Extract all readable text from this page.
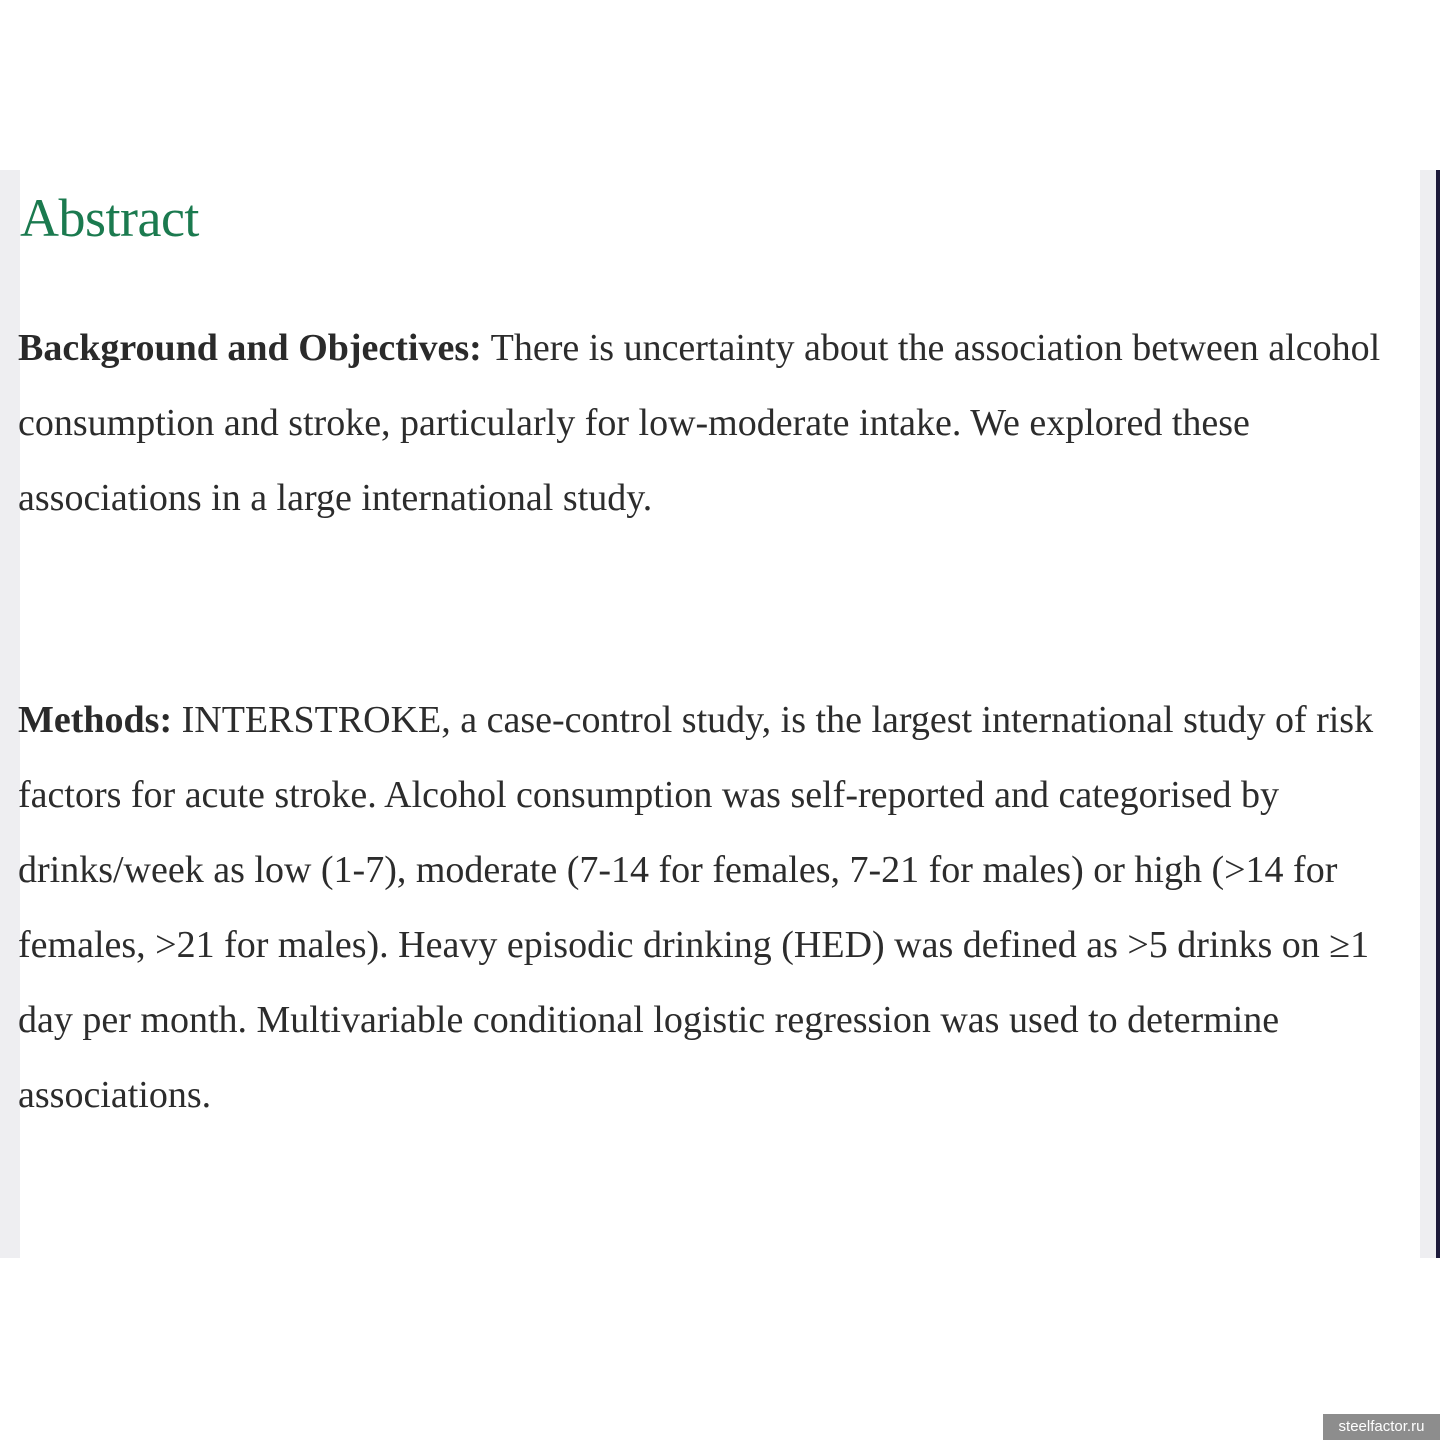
Abstract

Background and Objectives: There is uncertainty about the association between alcohol consumption and stroke, particularly for low-moderate intake. We explored these associations in a large international study.

Methods: INTERSTROKE, a case-control study, is the largest international study of risk factors for acute stroke. Alcohol consumption was self-reported and categorised by drinks/week as low (1-7), moderate (7-14 for females, 7-21 for males) or high (>14 for females, >21 for males). Heavy episodic drinking (HED) was defined as >5 drinks on ≥1 day per month. Multivariable conditional logistic regression was used to determine associations.

steelfactor.ru
